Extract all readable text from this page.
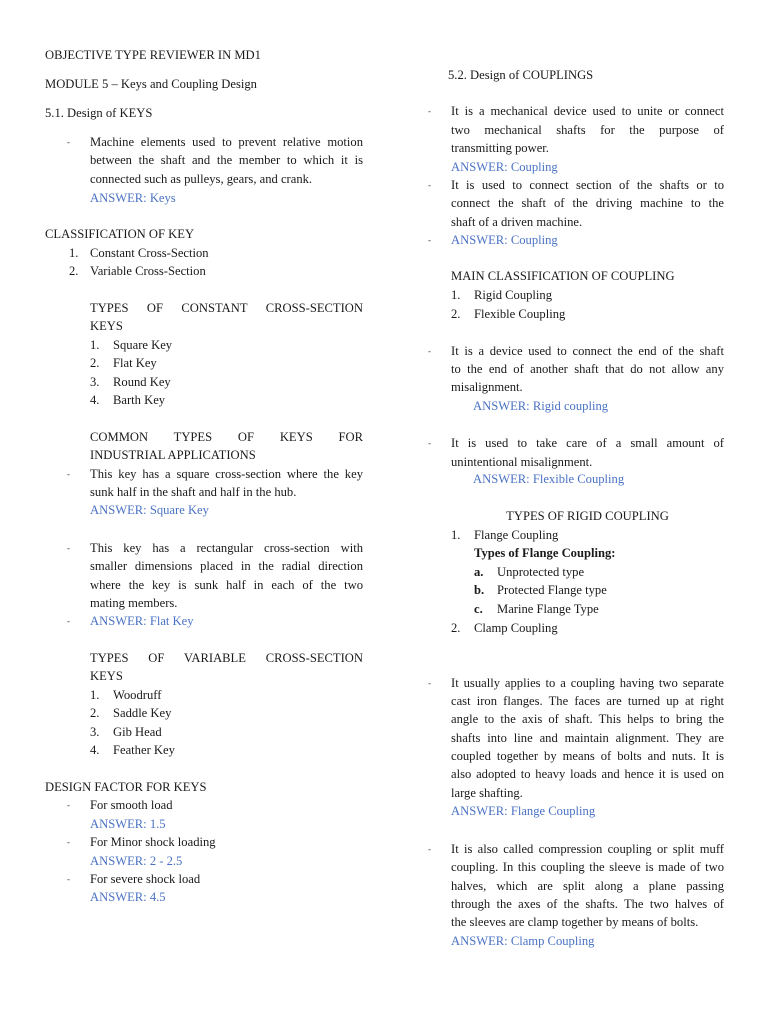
OBJECTIVE TYPE REVIEWER IN MD1
MODULE 5 – Keys and Coupling Design
5.1. Design of KEYS
- Machine elements used to prevent relative motion
between the shaft and the member to which it is
connected such as pulleys, gears, and crank.
ANSWER: Keys
CLASSIFICATION OF KEY
1. Constant Cross-Section
2. Variable Cross-Section
TYPES OF CONSTANT CROSS-SECTION
KEYS
1. Square Key
2. Flat Key
3. Round Key
4. Barth Key
COMMON TYPES OF KEYS FOR
INDUSTRIAL APPLICATIONS
- This key has a square cross-section where the key
sunk half in the shaft and half in the hub.
ANSWER: Square Key
- This key has a rectangular cross-section with
smaller dimensions placed in the radial direction
where the key is sunk half in each of the two
mating members.
- ANSWER: Flat Key
TYPES OF VARIABLE CROSS-SECTION
KEYS
1. Woodruff
2. Saddle Key
3. Gib Head
4. Feather Key
DESIGN FACTOR FOR KEYS
- For smooth load
ANSWER: 1.5
- For Minor shock loading
ANSWER: 2 - 2.5
- For severe shock load
ANSWER: 4.5
5.2. Design of COUPLINGS
- It is a mechanical device used to unite or connect
two mechanical shafts for the purpose of
transmitting power.
ANSWER: Coupling
- It is used to connect section of the shafts or to
connect the shaft of the driving machine to the
shaft of a driven machine.
- ANSWER: Coupling
MAIN CLASSIFICATION OF COUPLING
1. Rigid Coupling
2. Flexible Coupling
- It is a device used to connect the end of the shaft
to the end of another shaft that do not allow any
misalignment.
ANSWER: Rigid coupling
- It is used to take care of a small amount of
unintentional misalignment.
ANSWER: Flexible Coupling
TYPES OF RIGID COUPLING
1. Flange Coupling
Types of Flange Coupling:
a. Unprotected type
b. Protected Flange type
c. Marine Flange Type
2. Clamp Coupling
- It usually applies to a coupling having two separate
cast iron flanges. The faces are turned up at right
angle to the axis of shaft. This helps to bring the
shafts into line and maintain alignment. They are
coupled together by means of bolts and nuts. It is
also adopted to heavy loads and hence it is used on
large shafting.
ANSWER: Flange Coupling
- It is also called compression coupling or split muff
coupling. In this coupling the sleeve is made of two
halves, which are split along a plane passing
through the axes of the shafts. The two halves of
the sleeves are clamp together by means of bolts.
ANSWER: Clamp Coupling
